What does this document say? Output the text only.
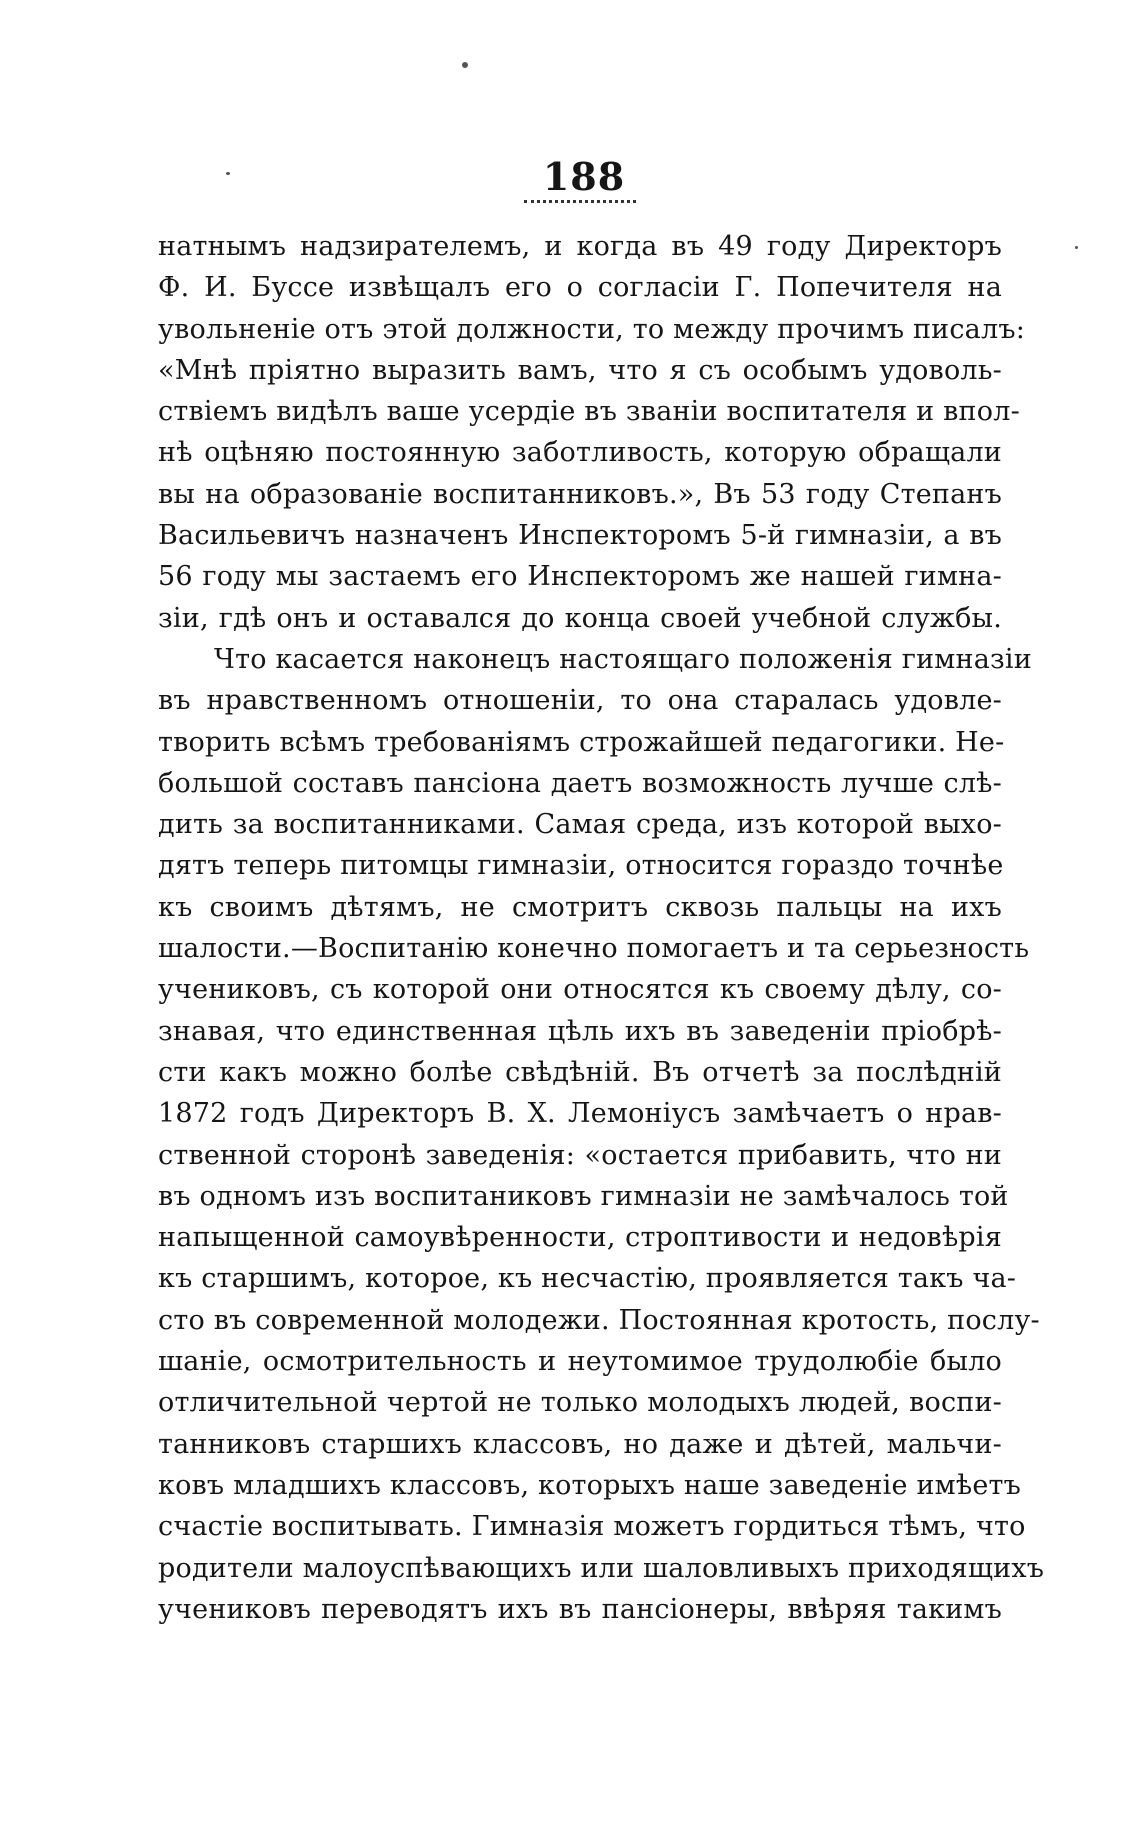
188
натнымъ надзирателемъ, и когда въ 49 году Директоръ
Ф. И. Буссе извѣщалъ его о согласіи Г. Попечителя на
увольненіе отъ этой должности, то между прочимъ писалъ:
«Мнѣ пріятно выразить вамъ, что я съ особымъ удоволь-
ствіемъ видѣлъ ваше усердіе въ званіи воспитателя и впол-
нѣ оцѣняю постоянную заботливость, которую обращали
вы на образованіе воспитанниковъ.», Въ 53 году Степанъ
Васильевичъ назначенъ Инспекторомъ 5-й гимназіи, а въ
56 году мы застаемъ его Инспекторомъ же нашей гимна-
зіи, гдѣ онъ и оставался до конца своей учебной службы.
Что касается наконецъ настоящаго положенія гимназіи
въ нравственномъ отношеніи, то она старалась удовле-
творить всѣмъ требованіямъ строжайшей педагогики. Не-
большой составъ пансіона даетъ возможность лучше слѣ-
дить за воспитанниками. Самая среда, изъ которой выхо-
дятъ теперь питомцы гимназіи, относится гораздо точнѣе
къ своимъ дѣтямъ, не смотритъ сквозь пальцы на ихъ
шалости.—Воспитанію конечно помогаетъ и та серьезность
учениковъ, съ которой они относятся къ своему дѣлу, со-
знавая, что единственная цѣль ихъ въ заведеніи пріобрѣ-
сти какъ можно болѣе свѣдѣній. Въ отчетѣ за послѣдній
1872 годъ Директоръ В. Х. Лемоніусъ замѣчаетъ о нрав-
ственной сторонѣ заведенія: «остается прибавить, что ни
въ одномъ изъ воспитаниковъ гимназіи не замѣчалось той
напыщенной самоувѣренности, строптивости и недовѣрія
къ старшимъ, которое, къ несчастію, проявляется такъ ча-
сто въ современной молодежи. Постоянная кротость, послу-
шаніе, осмотрительность и неутомимое трудолюбіе было
отличительной чертой не только молодыхъ людей, воспи-
танниковъ старшихъ классовъ, но даже и дѣтей, мальчи-
ковъ младшихъ классовъ, которыхъ наше заведеніе имѣетъ
счастіе воспитывать. Гимназія можетъ гордиться тѣмъ, что
родители малоуспѣвающихъ или шаловливыхъ приходящихъ
учениковъ переводятъ ихъ въ пансіонеры, ввѣряя такимъ
